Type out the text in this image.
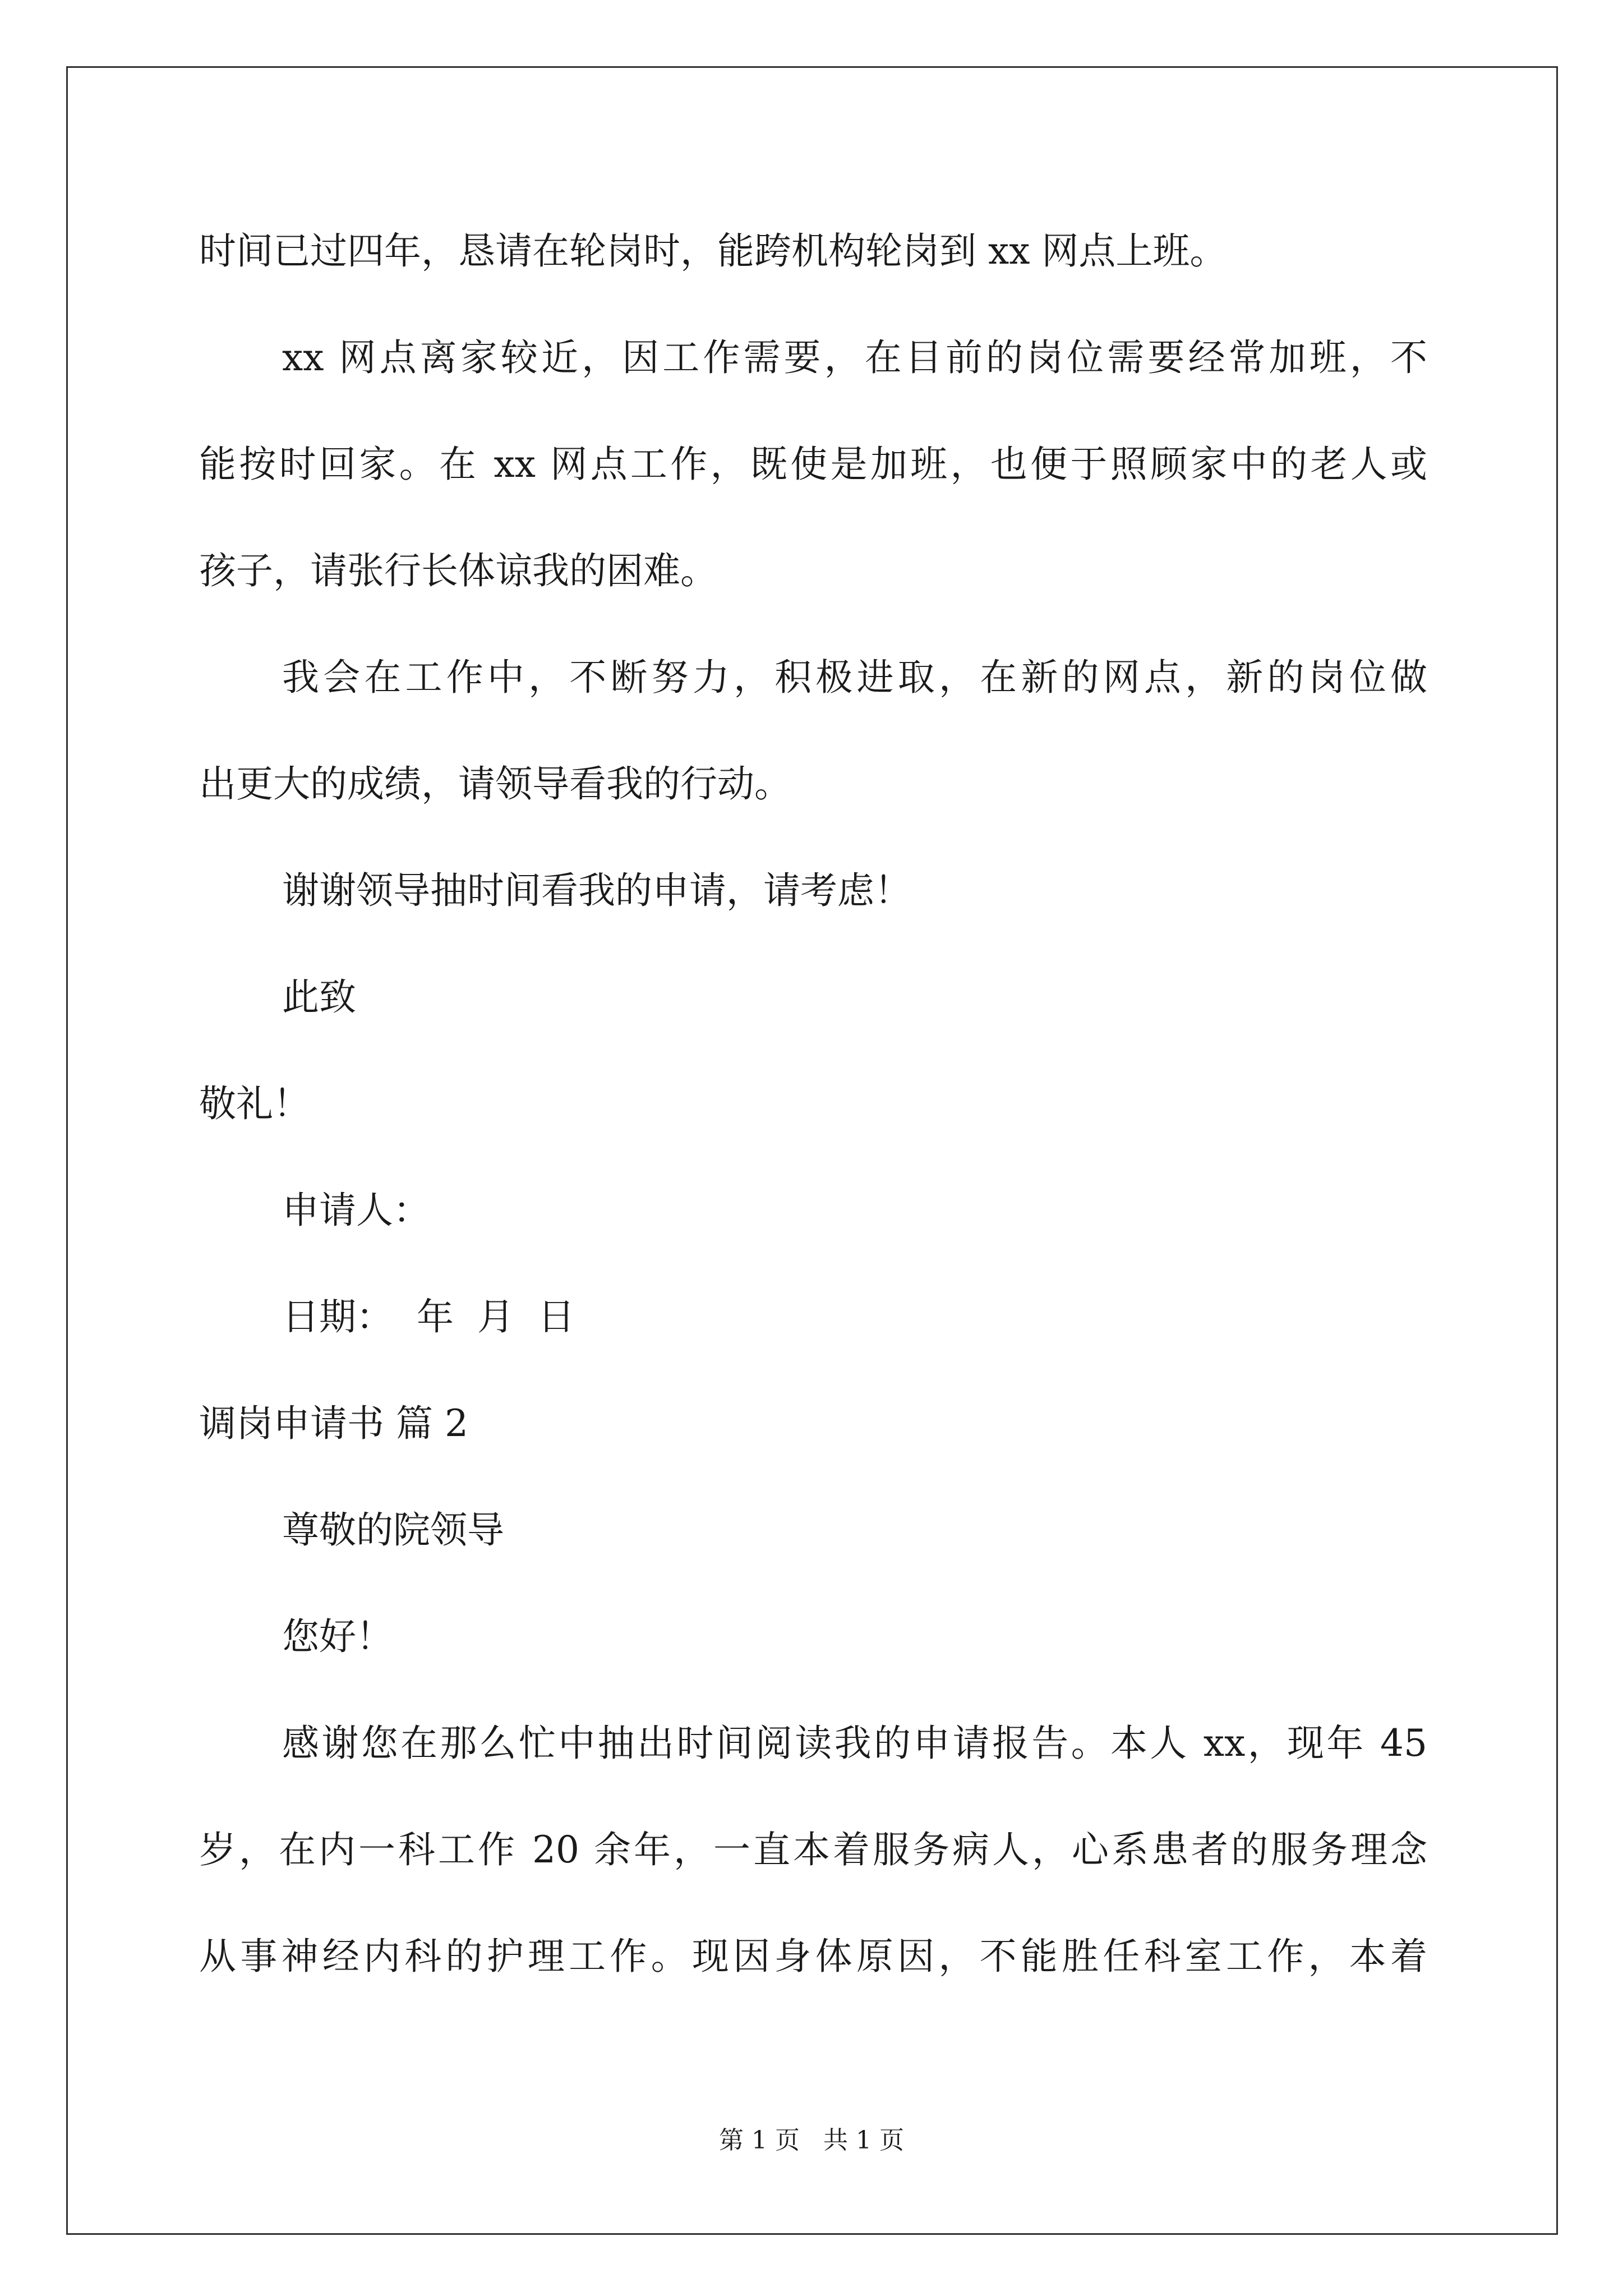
时间已过四年，恳请在轮岗时，能跨机构轮岗到 xx 网点上班。
xx 网点离家较近，因工作需要，在目前的岗位需要经常加班，不
能按时回家。在 xx 网点工作，既使是加班，也便于照顾家中的老人或
孩子，请张行长体谅我的困难。
我会在工作中，不断努力，积极进取，在新的网点，新的岗位做
出更大的成绩，请领导看我的行动。
谢谢领导抽时间看我的申请，请考虑！
此致
敬礼！
申请人：
日期：  年  月  日
调岗申请书 篇 2
尊敬的院领导
您好！
感谢您在那么忙中抽出时间阅读我的申请报告。本人 xx，现年 45
岁，在内一科工作 20 余年，一直本着服务病人，心系患者的服务理念
从事神经内科的护理工作。现因身体原因，不能胜任科室工作，本着
第 1 页   共 1 页
